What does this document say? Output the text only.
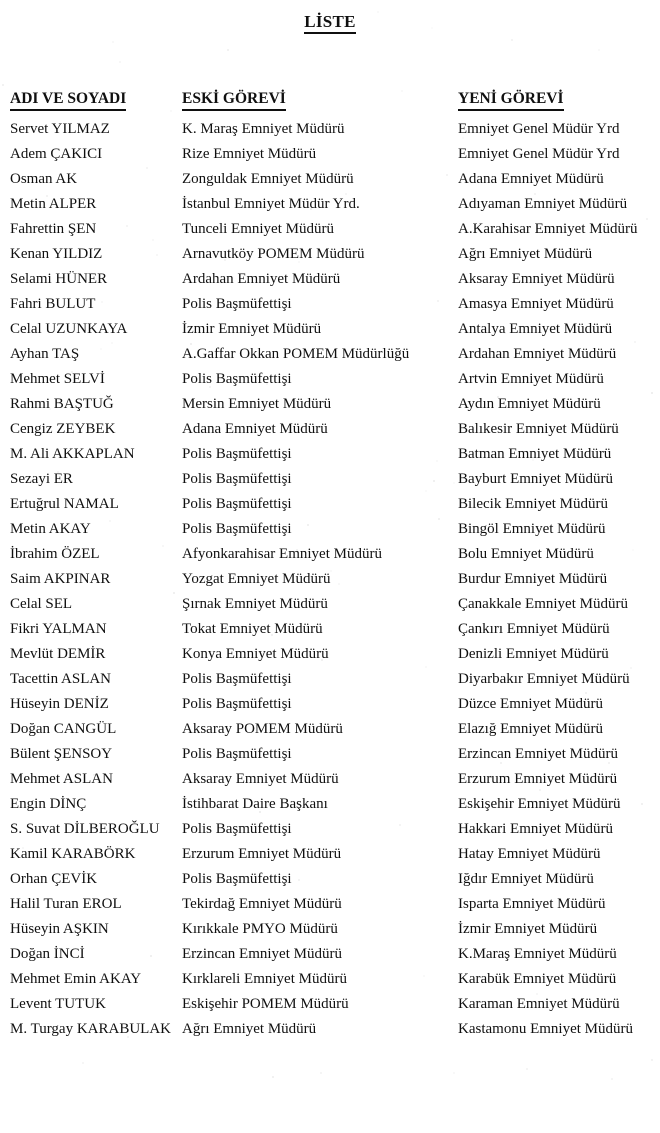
LİSTE
ADI VE SOYADI	ESKİ GÖREVİ	YENİ GÖREVİ
Servet YILMAZ	K. Maraş Emniyet Müdürü	Emniyet Genel Müdür Yrd
Adem ÇAKICI	Rize Emniyet Müdürü	Emniyet Genel Müdür Yrd
Osman AK	Zonguldak Emniyet Müdürü	Adana Emniyet Müdürü
Metin ALPER	İstanbul Emniyet Müdür Yrd.	Adıyaman Emniyet Müdürü
Fahrettin ŞEN	Tunceli Emniyet Müdürü	A.Karahisar Emniyet Müdürü
Kenan YILDIZ	Arnavutköy POMEM Müdürü	Ağrı Emniyet Müdürü
Selami HÜNER	Ardahan Emniyet Müdürü	Aksaray Emniyet Müdürü
Fahri BULUT	Polis Başmüfettişi	Amasya Emniyet Müdürü
Celal UZUNKAYA	İzmir Emniyet Müdürü	Antalya Emniyet Müdürü
Ayhan TAŞ	A.Gaffar Okkan POMEM Müdürlüğü	Ardahan Emniyet Müdürü
Mehmet SELVİ	Polis Başmüfettişi	Artvin Emniyet Müdürü
Rahmi BAŞTUĞ	Mersin Emniyet Müdürü	Aydın Emniyet Müdürü
Cengiz ZEYBEK	Adana Emniyet Müdürü	Balıkesir Emniyet Müdürü
M. Ali AKKAPLAN	Polis Başmüfettişi	Batman Emniyet Müdürü
Sezayi ER	Polis Başmüfettişi	Bayburt Emniyet Müdürü
Ertuğrul NAMAL	Polis Başmüfettişi	Bilecik Emniyet Müdürü
Metin AKAY	Polis Başmüfettişi	Bingöl Emniyet Müdürü
İbrahim ÖZEL	Afyonkarahisar Emniyet Müdürü	Bolu Emniyet Müdürü
Saim AKPINAR	Yozgat Emniyet Müdürü	Burdur Emniyet Müdürü
Celal SEL	Şırnak Emniyet Müdürü	Çanakkale Emniyet Müdürü
Fikri YALMAN	Tokat Emniyet Müdürü	Çankırı Emniyet Müdürü
Mevlüt DEMİR	Konya Emniyet Müdürü	Denizli Emniyet Müdürü
Tacettin ASLAN	Polis Başmüfettişi	Diyarbakır Emniyet Müdürü
Hüseyin DENİZ	Polis Başmüfettişi	Düzce Emniyet Müdürü
Doğan CANGÜL	Aksaray POMEM Müdürü	Elazığ Emniyet Müdürü
Bülent ŞENSOY	Polis Başmüfettişi	Erzincan Emniyet Müdürü
Mehmet ASLAN	Aksaray Emniyet Müdürü	Erzurum Emniyet Müdürü
Engin DİNÇ	İstihbarat Daire Başkanı	Eskişehir Emniyet Müdürü
S. Suvat DİLBEROĞLU	Polis Başmüfettişi	Hakkari Emniyet Müdürü
Kamil KARABÖRK	Erzurum Emniyet Müdürü	Hatay Emniyet Müdürü
Orhan ÇEVİK	Polis Başmüfettişi	Iğdır Emniyet Müdürü
Halil Turan EROL	Tekirdağ Emniyet Müdürü	Isparta Emniyet Müdürü
Hüseyin AŞKIN	Kırıkkale PMYO Müdürü	İzmir Emniyet Müdürü
Doğan İNCİ	Erzincan Emniyet Müdürü	K.Maraş Emniyet Müdürü
Mehmet Emin AKAY	Kırklareli Emniyet Müdürü	Karabük Emniyet Müdürü
Levent TUTUK	Eskişehir POMEM Müdürü	Karaman Emniyet Müdürü
M. Turgay KARABULAK	Ağrı Emniyet Müdürü	Kastamonu Emniyet Müdürü
